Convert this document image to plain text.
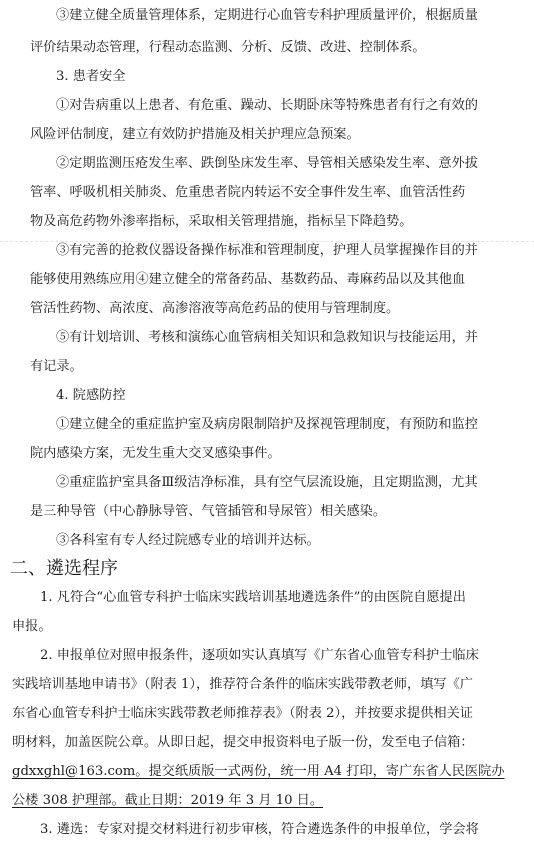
③建立健全质量管理体系，定期进行心血管专科护理质量评价，根据质量
评价结果动态管理，行程动态监测、分析、反馈、改进、控制体系。
3. 患者安全
①对告病重以上患者、有危重、躁动、长期卧床等特殊患者有行之有效的
风险评估制度，建立有效防护措施及相关护理应急预案。
②定期监测压疮发生率、跌倒坠床发生率、导管相关感染发生率、意外拔
管率、呼吸机相关肺炎、危重患者院内转运不安全事件发生率、血管活性药
物及高危药物外渗率指标，采取相关管理措施，指标呈下降趋势。
③有完善的抢救仪器设备操作标准和管理制度，护理人员掌握操作目的并
能够使用熟练应用④建立健全的常备药品、基数药品、毒麻药品以及其他血
管活性药物、高浓度、高渗溶液等高危药品的使用与管理制度。
⑤有计划培训、考核和演练心血管病相关知识和急救知识与技能运用，并
有记录。
4. 院感防控
①建立健全的重症监护室及病房限制陪护及探视管理制度，有预防和监控
院内感染方案，无发生重大交叉感染事件。
②重症监护室具备Ⅲ级洁净标准，具有空气层流设施，且定期监测，尤其
是三种导管（中心静脉导管、气管插管和导尿管）相关感染。
③各科室有专人经过院感专业的培训并达标。
二、遴选程序
1. 凡符合“心血管专科护士临床实践培训基地遴选条件”的由医院自愿提出
申报。
2. 申报单位对照申报条件，逐项如实认真填写《广东省心血管专科护士临床
实践培训基地申请书》（附表 1），推荐符合条件的临床实践带教老师，填写《广
东省心血管专科护士临床实践带教老师推荐表》（附表 2），并按要求提供相关证
明材料，加盖医院公章。从即日起，提交申报资料电子版一份，发至电子信箱：
gdxxghl@163.com。提交纸质版一式两份，统一用 A4 打印，寄广东省人民医院办
公楼 308 护理部。截止日期：2019 年 3 月 10 日。
3. 遴选：专家对提交材料进行初步审核，符合遴选条件的申报单位，学会将
